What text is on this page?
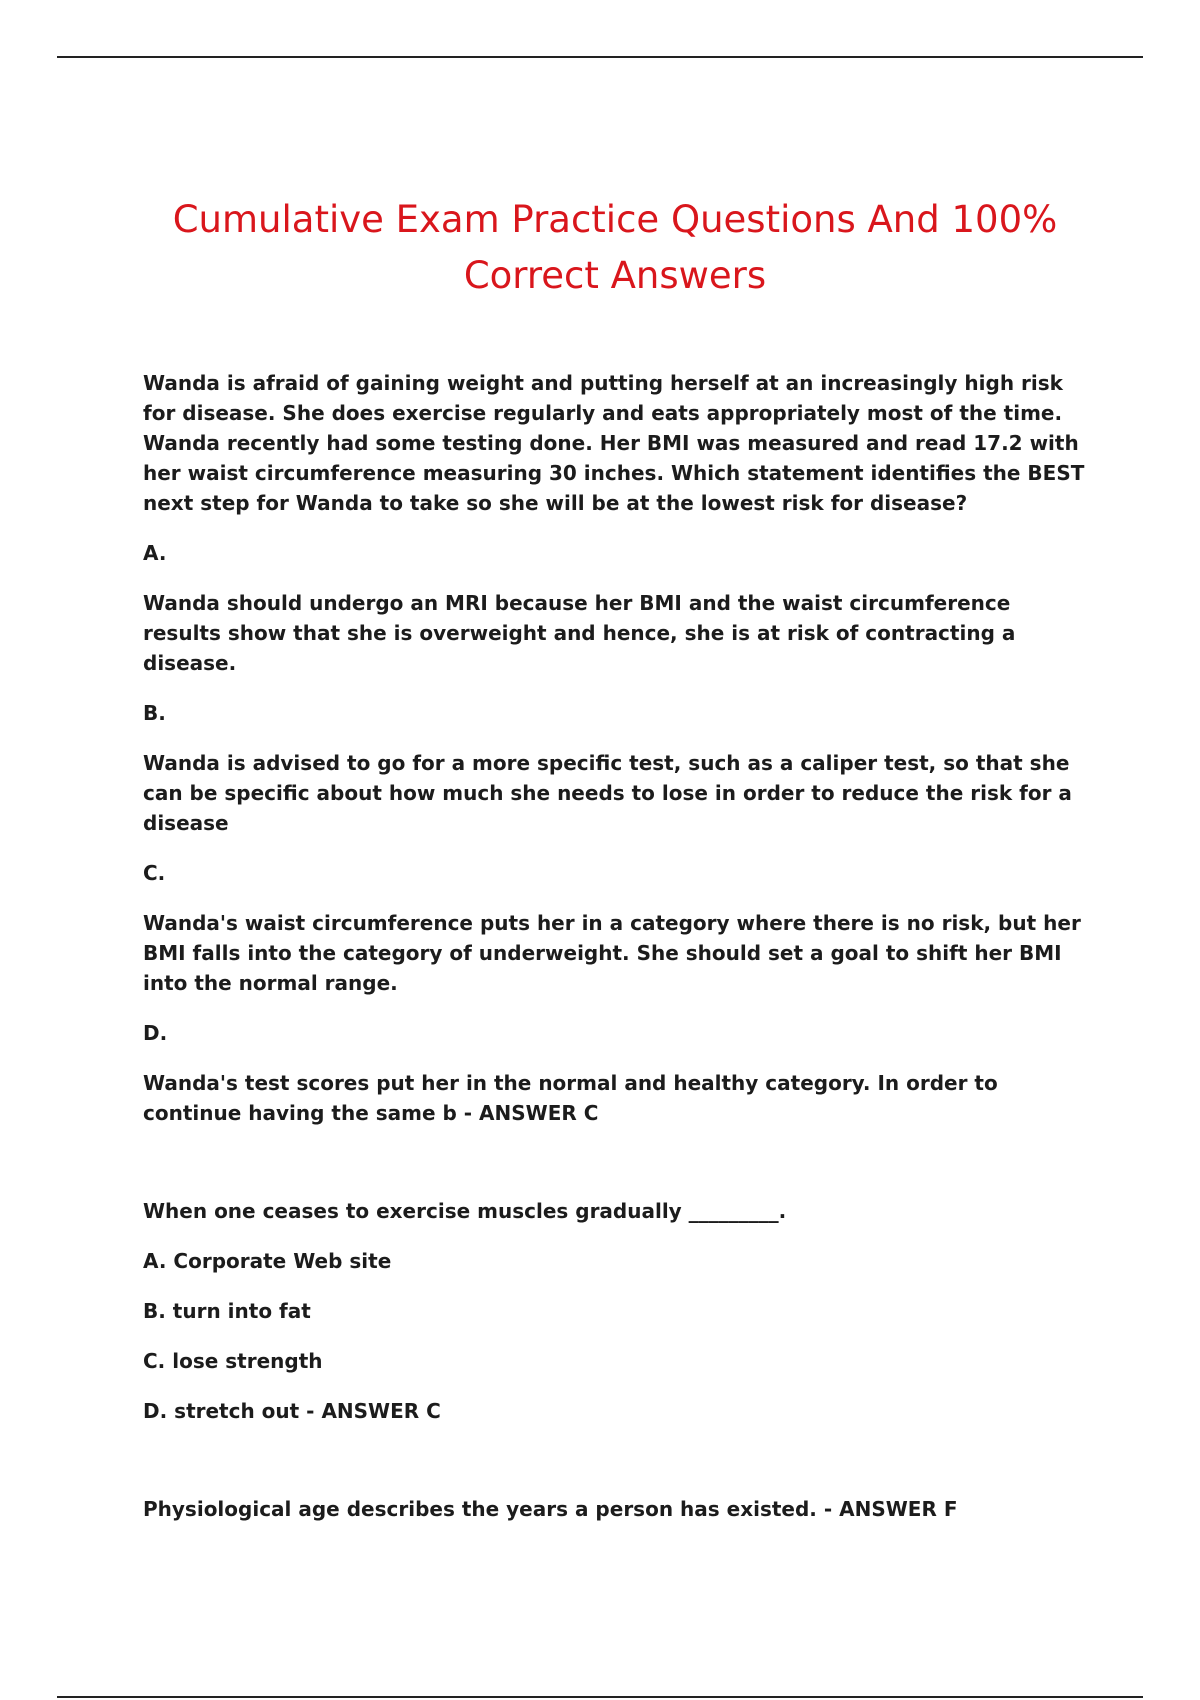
Cumulative Exam Practice Questions And 100% Correct Answers

Wanda is afraid of gaining weight and putting herself at an increasingly high risk for disease. She does exercise regularly and eats appropriately most of the time. Wanda recently had some testing done. Her BMI was measured and read 17.2 with her waist circumference measuring 30 inches. Which statement identifies the BEST next step for Wanda to take so she will be at the lowest risk for disease?

A.

Wanda should undergo an MRI because her BMI and the waist circumference results show that she is overweight and hence, she is at risk of contracting a disease.

B.

Wanda is advised to go for a more specific test, such as a caliper test, so that she can be specific about how much she needs to lose in order to reduce the risk for a disease

C.

Wanda's waist circumference puts her in a category where there is no risk, but her BMI falls into the category of underweight. She should set a goal to shift her BMI into the normal range.

D.

Wanda's test scores put her in the normal and healthy category. In order to continue having the same b - ANSWER C

When one ceases to exercise muscles gradually _________.

A. Corporate Web site

B. turn into fat

C. lose strength

D. stretch out - ANSWER C

Physiological age describes the years a person has existed. - ANSWER F
